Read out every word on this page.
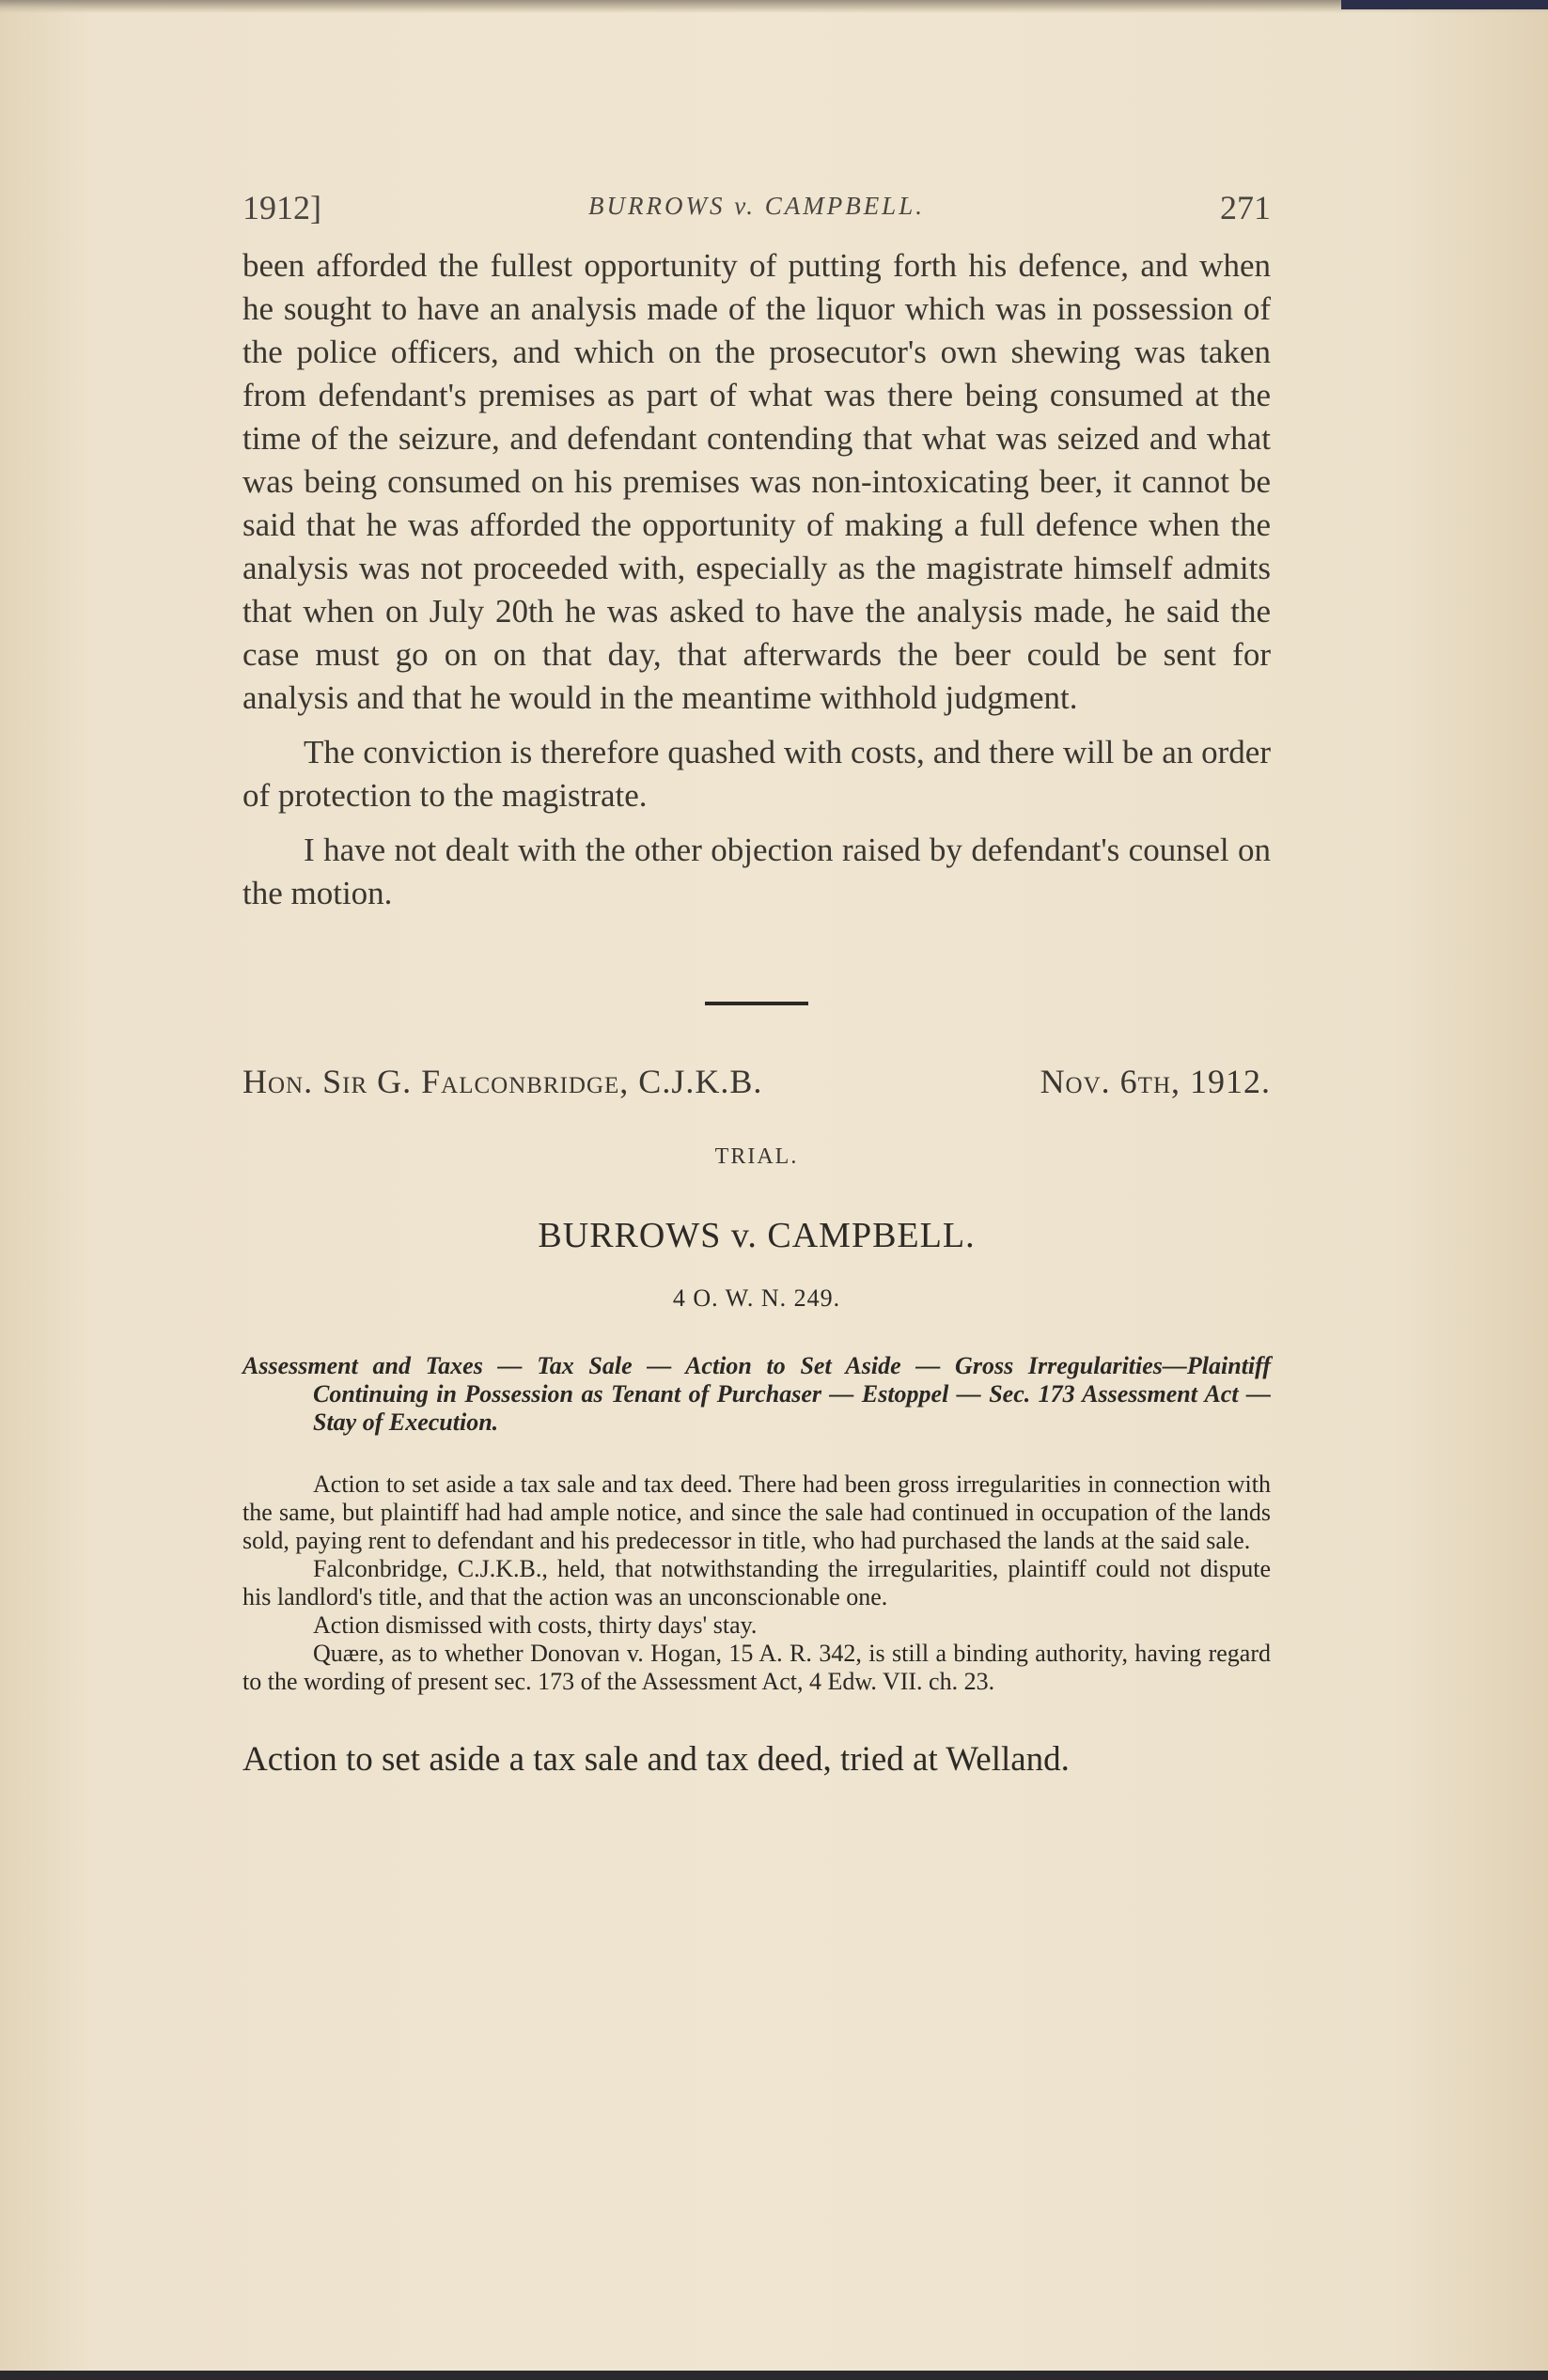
1912]	BURROWS v. CAMPBELL.	271

been afforded the fullest opportunity of putting forth his defence, and when he sought to have an analysis made of the liquor which was in possession of the police officers, and which on the prosecutor's own shewing was taken from defendant's premises as part of what was there being consumed at the time of the seizure, and defendant contending that what was seized and what was being consumed on his premises was non-intoxicating beer, it cannot be said that he was afforded the opportunity of making a full defence when the analysis was not proceeded with, especially as the magistrate himself admits that when on July 20th he was asked to have the analysis made, he said the case must go on on that day, that afterwards the beer could be sent for analysis and that he would in the meantime withhold judgment.

The conviction is therefore quashed with costs, and there will be an order of protection to the magistrate.

I have not dealt with the other objection raised by defendant's counsel on the motion.

Hon. Sir G. Falconbridge, C.J.K.B.	Nov. 6th, 1912.
TRIAL.
BURROWS v. CAMPBELL.
4 O. W. N. 249.
Assessment and Taxes — Tax Sale — Action to Set Aside — Gross Irregularities—Plaintiff Continuing in Possession as Tenant of Purchaser — Estoppel — Sec. 173 Assessment Act — Stay of Execution.

Action to set aside a tax sale and tax deed. There had been gross irregularities in connection with the same, but plaintiff had had ample notice, and since the sale had continued in occupation of the lands sold, paying rent to defendant and his predecessor in title, who had purchased the lands at the said sale.

Falconbridge, C.J.K.B., held, that notwithstanding the irregularities, plaintiff could not dispute his landlord's title, and that the action was an unconscionable one.

Action dismissed with costs, thirty days' stay.

Quære, as to whether Donovan v. Hogan, 15 A. R. 342, is still a binding authority, having regard to the wording of present sec. 173 of the Assessment Act, 4 Edw. VII. ch. 23.

Action to set aside a tax sale and tax deed, tried at Welland.
